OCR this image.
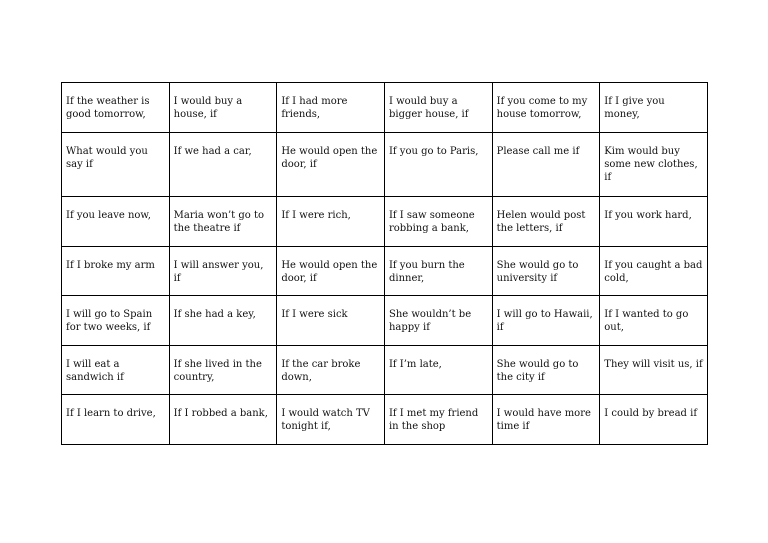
If the weather is good tomorrow,	I would buy a house, if	If I had more friends,	I would buy a bigger house, if	If you come to my house tomorrow,	If I give you money,
What would you say if	If we had a car,	He would open the door, if	If you go to Paris,	Please call me if	Kim would buy some new clothes, if
If you leave now,	Maria won’t go to the theatre if	If I were rich,	If I saw someone robbing a bank,	Helen would post the letters, if	If you work hard,
If I broke my arm	I will answer you, if	He would open the door, if	If you burn the dinner,	She would go to university if	If you caught a bad cold,
I will go to Spain for two weeks, if	If she had a key,	If I were sick	She wouldn’t be happy if	I will go to Hawaii, if	If I wanted to go out,
I will eat a sandwich if	If she lived in the country,	If the car broke down,	If I’m late,	She would go to the city if	They will visit us, if
If I learn to drive,	If I robbed a bank,	I would watch TV tonight if,	If I met my friend in the shop	I would have more time if	I could by bread if
